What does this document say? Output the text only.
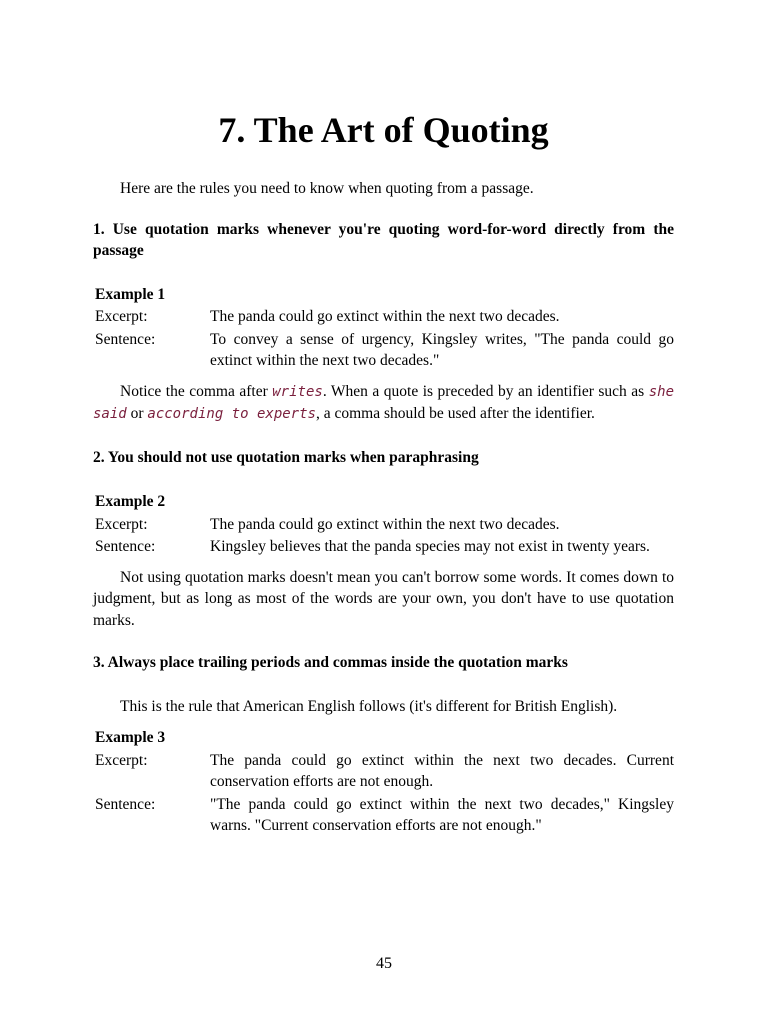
7. The Art of Quoting

Here are the rules you need to know when quoting from a passage.

1. Use quotation marks whenever you're quoting word-for-word directly from the passage

Example 1
Excerpt:	The panda could go extinct within the next two decades.
Sentence:	To convey a sense of urgency, Kingsley writes, "The panda could go extinct within the next two decades."

Notice the comma after writes. When a quote is preceded by an identifier such as she said or according to experts, a comma should be used after the identifier.

2. You should not use quotation marks when paraphrasing

Example 2
Excerpt:	The panda could go extinct within the next two decades.
Sentence:	Kingsley believes that the panda species may not exist in twenty years.

Not using quotation marks doesn't mean you can't borrow some words. It comes down to judgment, but as long as most of the words are your own, you don't have to use quotation marks.

3. Always place trailing periods and commas inside the quotation marks

This is the rule that American English follows (it's different for British English).

Example 3
Excerpt:	The panda could go extinct within the next two decades. Current conservation efforts are not enough.
Sentence:	"The panda could go extinct within the next two decades," Kingsley warns. "Current conservation efforts are not enough."
45
